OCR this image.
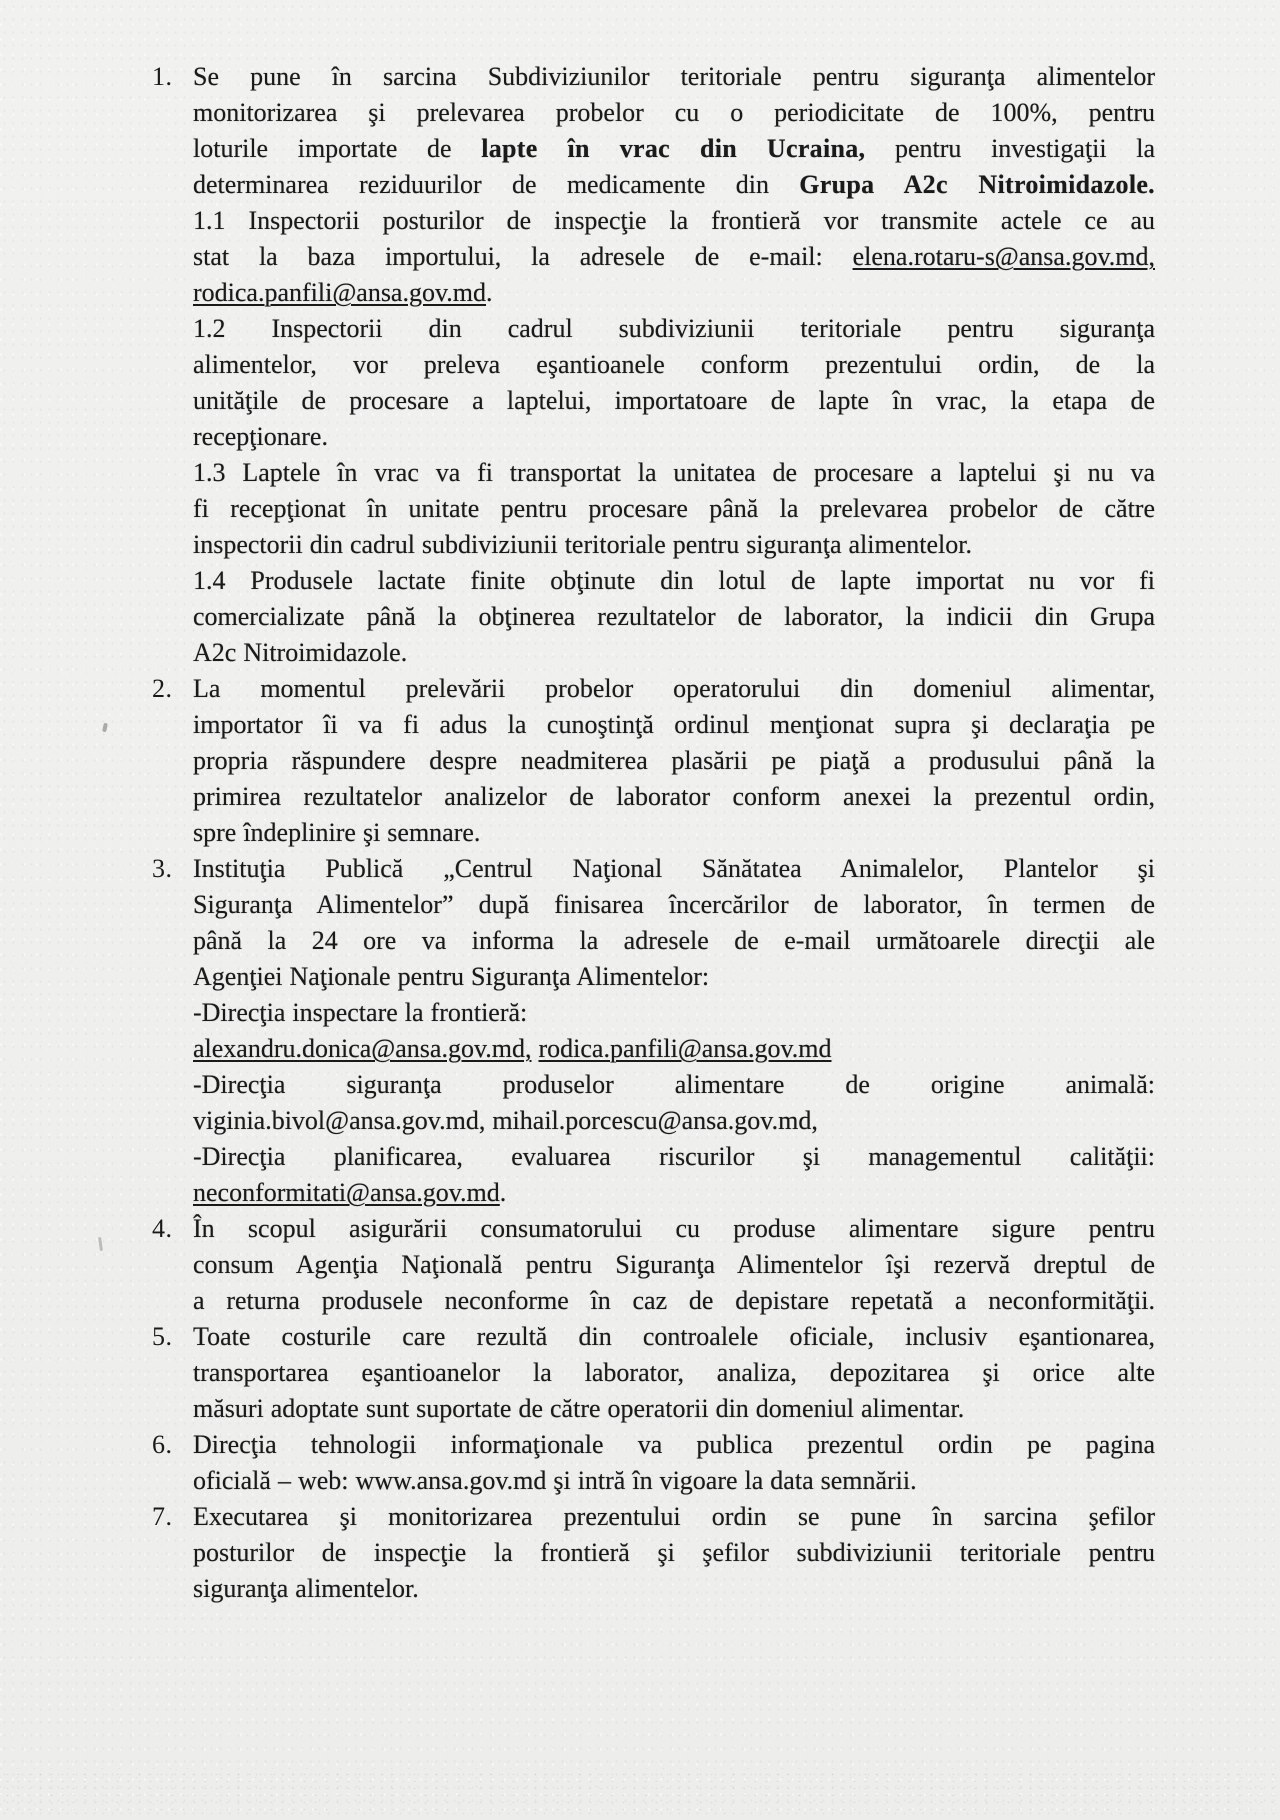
1. Se pune în sarcina Subdiviziunilor teritoriale pentru siguranţa alimentelor
monitorizarea şi prelevarea probelor cu o periodicitate de 100%, pentru
loturile importate de lapte în vrac din Ucraina, pentru investigaţii la
determinarea reziduurilor de medicamente din Grupa A2c Nitroimidazole.
1.1 Inspectorii posturilor de inspecţie la frontieră vor transmite actele ce au
stat la baza importului, la adresele de e-mail: elena.rotaru-s@ansa.gov.md,
rodica.panfili@ansa.gov.md.
1.2 Inspectorii din cadrul subdiviziunii teritoriale pentru siguranţa
alimentelor, vor preleva eşantioanele conform prezentului ordin, de la
unităţile de procesare a laptelui, importatoare de lapte în vrac, la etapa de
recepţionare.
1.3 Laptele în vrac va fi transportat la unitatea de procesare a laptelui şi nu va
fi recepţionat în unitate pentru procesare până la prelevarea probelor de către
inspectorii din cadrul subdiviziunii teritoriale pentru siguranţa alimentelor.
1.4 Produsele lactate finite obţinute din lotul de lapte importat nu vor fi
comercializate până la obţinerea rezultatelor de laborator, la indicii din Grupa
A2c Nitroimidazole.
2. La momentul prelevării probelor operatorului din domeniul alimentar,
importator îi va fi adus la cunoştinţă ordinul menţionat supra şi declaraţia pe
propria răspundere despre neadmiterea plasării pe piaţă a produsului până la
primirea rezultatelor analizelor de laborator conform anexei la prezentul ordin,
spre îndeplinire şi semnare.
3. Instituţia Publică „Centrul Naţional Sănătatea Animalelor, Plantelor şi
Siguranţa Alimentelor” după finisarea încercărilor de laborator, în termen de
până la 24 ore va informa la adresele de e-mail următoarele direcţii ale
Agenţiei Naţionale pentru Siguranţa Alimentelor:
-Direcţia inspectare la frontieră:
alexandru.donica@ansa.gov.md, rodica.panfili@ansa.gov.md
-Direcţia siguranţa produselor alimentare de origine animală:
viginia.bivol@ansa.gov.md, mihail.porcescu@ansa.gov.md,
-Direcţia planificarea, evaluarea riscurilor şi managementul calităţii:
neconformitati@ansa.gov.md.
4. În scopul asigurării consumatorului cu produse alimentare sigure pentru
consum Agenţia Naţională pentru Siguranţa Alimentelor îşi rezervă dreptul de
a returna produsele neconforme în caz de depistare repetată a neconformităţii.
5. Toate costurile care rezultă din controalele oficiale, inclusiv eşantionarea,
transportarea eşantioanelor la laborator, analiza, depozitarea şi orice alte
măsuri adoptate sunt suportate de către operatorii din domeniul alimentar.
6. Direcţia tehnologii informaţionale va publica prezentul ordin pe pagina
oficială – web: www.ansa.gov.md şi intră în vigoare la data semnării.
7. Executarea şi monitorizarea prezentului ordin se pune în sarcina şefilor
posturilor de inspecţie la frontieră şi şefilor subdiviziunii teritoriale pentru
siguranţa alimentelor.
